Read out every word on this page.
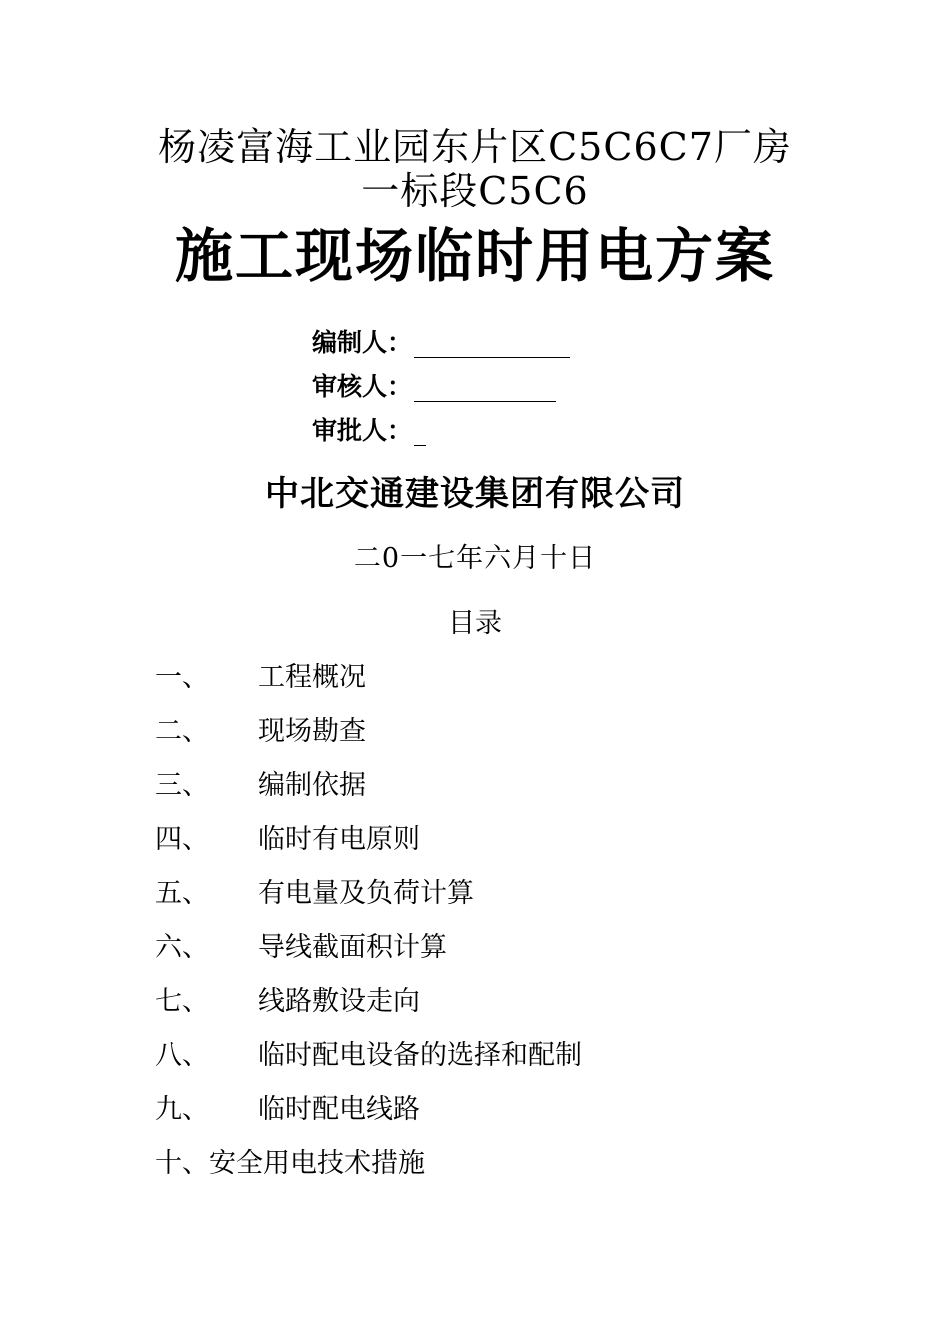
杨凌富海工业园东片区C5C6C7厂房
一标段C5C6
施工现场临时用电方案
编制人：
审核人：
审批人：
中北交通建设集团有限公司
二0一七年六月十日
目录
一、 工程概况
二、 现场勘查
三、 编制依据
四、 临时有电原则
五、 有电量及负荷计算
六、 导线截面积计算
七、 线路敷设走向
八、 临时配电设备的选择和配制
九、 临时配电线路
十、安全用电技术措施
